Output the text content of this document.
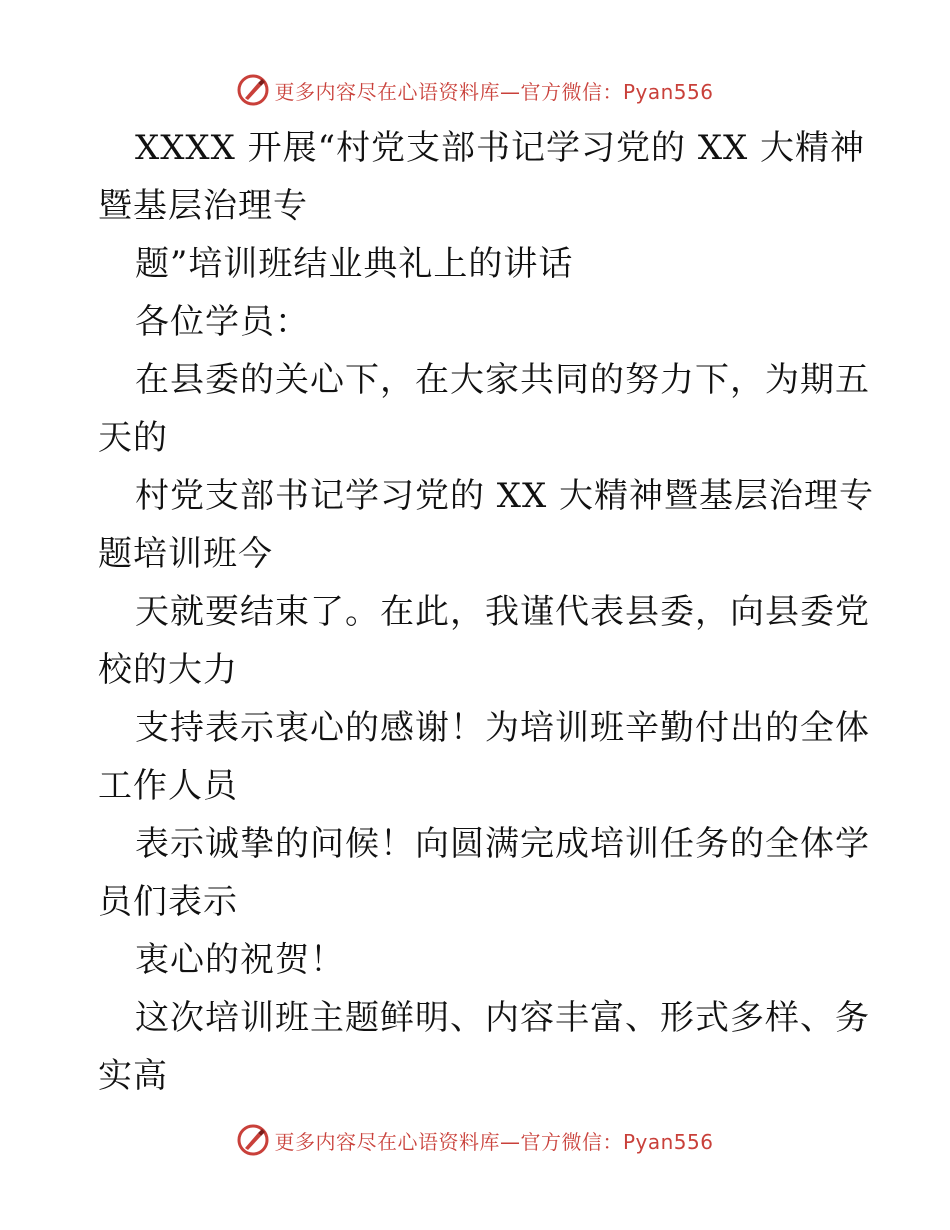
更多内容尽在心语资料库—官方微信：Pyan556
XXXX 开展“村党支部书记学习党的 XX 大精神
暨基层治理专
题”培训班结业典礼上的讲话
各位学员：
在县委的关心下，在大家共同的努力下，为期五
天的
村党支部书记学习党的 XX 大精神暨基层治理专
题培训班今
天就要结束了。在此，我谨代表县委，向县委党
校的大力
支持表示衷心的感谢！为培训班辛勤付出的全体
工作人员
表示诚挚的问候！向圆满完成培训任务的全体学
员们表示
衷心的祝贺！
这次培训班主题鲜明、内容丰富、形式多样、务
实高
更多内容尽在心语资料库—官方微信：Pyan556
